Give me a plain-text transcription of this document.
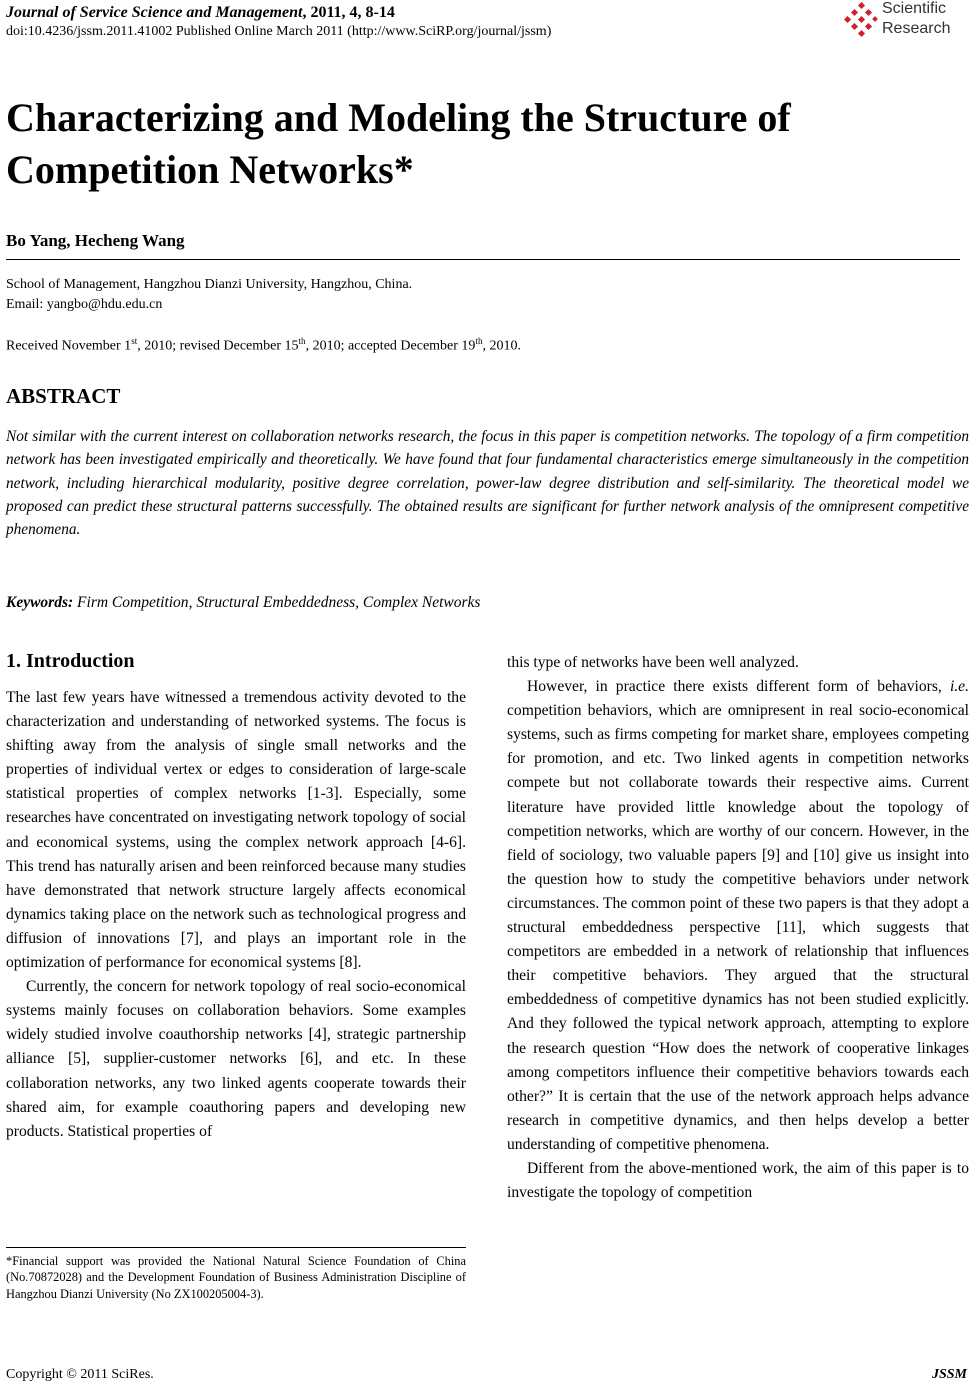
Journal of Service Science and Management, 2011, 4, 8-14
doi:10.4236/jssm.2011.41002 Published Online March 2011 (http://www.SciRP.org/journal/jssm)
Scientific
Research
Characterizing and Modeling the Structure of
Competition Networks*
Bo Yang, Hecheng Wang
School of Management, Hangzhou Dianzi University, Hangzhou, China.
Email: yangbo@hdu.edu.cn
Received November 1st, 2010; revised December 15th, 2010; accepted December 19th, 2010.
ABSTRACT
Not similar with the current interest on collaboration networks research, the focus in this paper is competition networks. The topology of a firm competition network has been investigated empirically and theoretically. We have found that four fundamental characteristics emerge simultaneously in the competition network, including hierarchical modularity, positive degree correlation, power-law degree distribution and self-similarity. The theoretical model we proposed can predict these structural patterns successfully. The obtained results are significant for further network analysis of the omnipresent competitive phenomena.
Keywords: Firm Competition, Structural Embeddedness, Complex Networks
1. Introduction

The last few years have witnessed a tremendous activity devoted to the characterization and understanding of networked systems. The focus is shifting away from the analysis of single small networks and the properties of individual vertex or edges to consideration of large-scale statistical properties of complex networks [1-3]. Especially, some researches have concentrated on investigating network topology of social and economical systems, using the complex network approach [4-6]. This trend has naturally arisen and been reinforced because many studies have demonstrated that network structure largely affects economical dynamics taking place on the network such as technological progress and diffusion of innovations [7], and plays an important role in the optimization of performance for economical systems [8].

Currently, the concern for network topology of real socio-economical systems mainly focuses on collaboration behaviors. Some examples widely studied involve coauthorship networks [4], strategic partnership alliance [5], supplier-customer networks [6], and etc. In these collaboration networks, any two linked agents cooperate towards their shared aim, for example coauthoring papers and developing new products. Statistical properties of

this type of networks have been well analyzed.

However, in practice there exists different form of behaviors, i.e. competition behaviors, which are omnipresent in real socio-economical systems, such as firms competing for market share, employees competing for promotion, and etc. Two linked agents in competition networks compete but not collaborate towards their respective aims. Current literature have provided little knowledge about the topology of competition networks, which are worthy of our concern. However, in the field of sociology, two valuable papers [9] and [10] give us insight into the question how to study the competitive behaviors under network circumstances. The common point of these two papers is that they adopt a structural embeddedness perspective [11], which suggests that competitors are embedded in a network of relationship that influences their competitive behaviors. They argued that the structural embeddedness of competitive dynamics has not been studied explicitly. And they followed the typical network approach, attempting to explore the research question “How does the network of cooperative linkages among competitors influence their competitive behaviors towards each other?” It is certain that the use of the network approach helps advance research in competitive dynamics, and then helps develop a better understanding of competitive phenomena.

Different from the above-mentioned work, the aim of this paper is to investigate the topology of competition

*Financial support was provided the National Natural Science Foundation of China (No.70872028) and the Development Foundation of Business Administration Discipline of Hangzhou Dianzi University (No ZX100205004-3).
Copyright © 2011 SciRes.	JSSM
